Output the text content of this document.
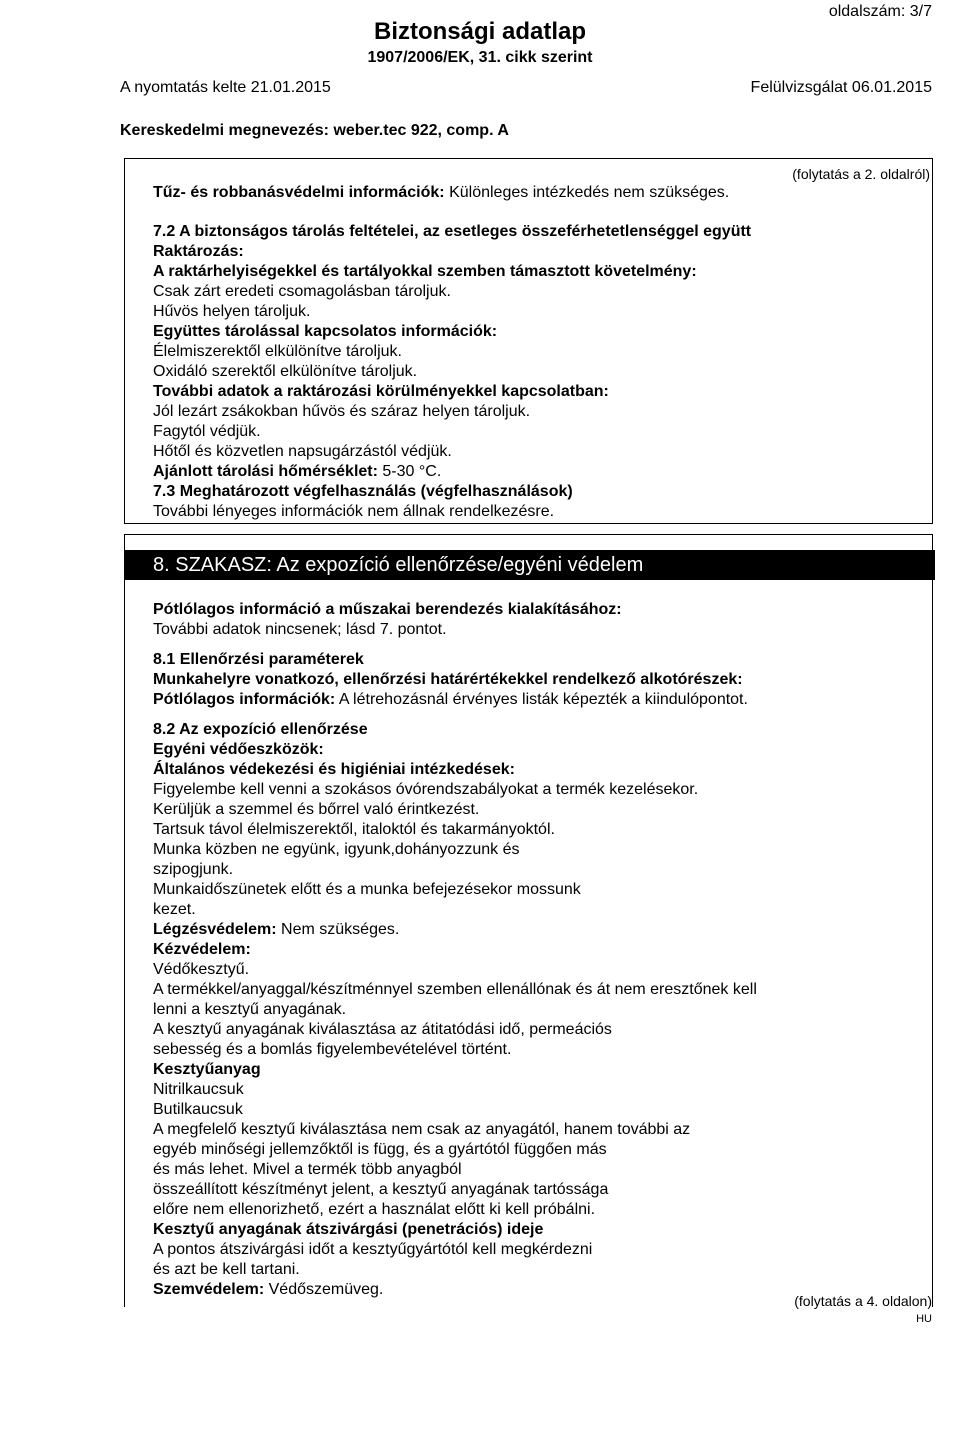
oldalszám: 3/7
Biztonsági adatlap
1907/2006/EK, 31. cikk szerint
A nyomtatás kelte 21.01.2015	Felülvizsgálat 06.01.2015
Kereskedelmi megnevezés: weber.tec 922, comp. A
(folytatás a 2. oldalról)
Tűz- és robbanásvédelmi információk: Különleges intézkedés nem szükséges.
7.2 A biztonságos tárolás feltételei, az esetleges összeférhetetlenséggel együtt
Raktározás:
A raktárhelyiségekkel és tartályokkal szemben támasztott követelmény:
Csak zárt eredeti csomagolásban tároljuk.
Hűvös helyen tároljuk.
Együttes tárolással kapcsolatos információk:
Élelmiszerektől elkülönítve tároljuk.
Oxidáló szerektől elkülönítve tároljuk.
További adatok a raktározási körülményekkel kapcsolatban:
Jól lezárt zsákokban hűvös és száraz helyen tároljuk.
Fagytól védjük.
Hőtől és közvetlen napsugárzástól védjük.
Ajánlott tárolási hőmérséklet: 5-30 °C.
7.3 Meghatározott végfelhasználás (végfelhasználások)
További lényeges információk nem állnak rendelkezésre.
8. SZAKASZ: Az expozíció ellenőrzése/egyéni védelem
Pótlólagos információ a műszakai berendezés kialakításához:
További adatok nincsenek; lásd 7. pontot.
8.1 Ellenőrzési paraméterek
Munkahelyre vonatkozó, ellenőrzési határértékekkel rendelkező alkotórészek:
Pótlólagos információk: A létrehozásnál érvényes listák képezték a kiindulópontot.
8.2 Az expozíció ellenőrzése
Egyéni védőeszközök:
Általános védekezési és higiéniai intézkedések:
Figyelembe kell venni a szokásos óvórendszabályokat a termék kezelésekor.
Kerüljük a szemmel és bőrrel való érintkezést.
Tartsuk távol élelmiszerektől, italoktól és takarmányoktól.
Munka közben ne együnk, igyunk,dohányozzunk és
szipogjunk.
Munkaidőszünetek előtt és a munka befejezésekor mossunk
kezet.
Légzésvédelem: Nem szükséges.
Kézvédelem:
Védőkesztyű.
A termékkel/anyaggal/készítménnyel szemben ellenállónak és át nem eresztőnek kell
lenni a kesztyű anyagának.
A kesztyű anyagának kiválasztása az átitatódási idő, permeációs
sebesség és a bomlás figyelembevételével történt.
Kesztyűanyag
Nitrilkaucsuk
Butilkaucsuk
A megfelelő kesztyű kiválasztása nem csak az anyagától, hanem további az
egyéb minőségi jellemzőktől is függ, és a gyártótól függően más
és más lehet. Mivel a termék több anyagból
összeállított készítményt jelent, a kesztyű anyagának tartóssága
előre nem ellenorizhető, ezért a használat előtt ki kell próbálni.
Kesztyű anyagának átszivárgási (penetrációs) ideje
A pontos átszivárgási időt a kesztyűgyártótól kell megkérdezni
és azt be kell tartani.
Szemvédelem: Védőszemüveg.
(folytatás a 4. oldalon)
HU
